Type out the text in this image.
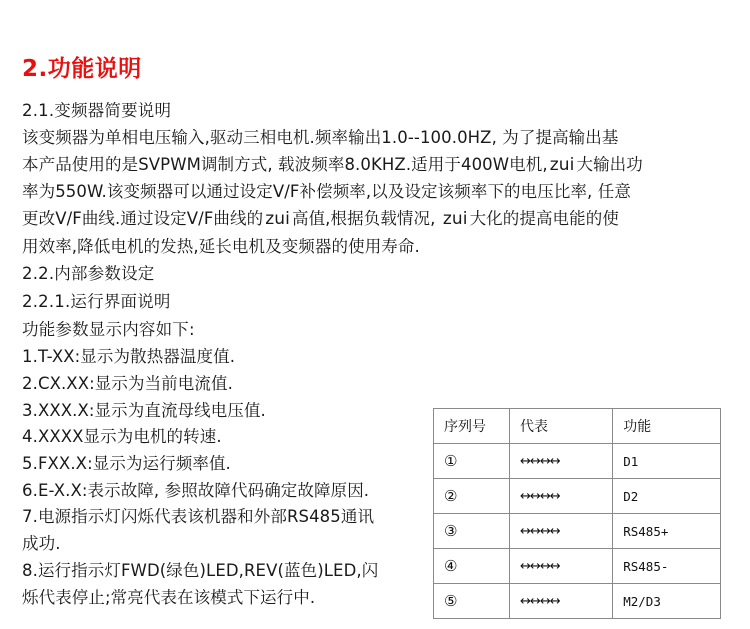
2.功能说明

2.1.变频器简要说明

该变频器为单相电压输入,驱动三相电机.频率输出1.0--100.0HZ, 为了提高输出基

本产品使用的是SVPWM调制方式, 载波频率8.0KHZ.适用于400W电机, zui 大输出功

率为550W.该变频器可以通过设定V/F补偿频率,以及设定该频率下的电压比率, 任意

更改V/F曲线.通过设定V/F曲线的 zui 高值,根据负载情况, zui 大化的提高电能的使

用效率,降低电机的发热,延长电机及变频器的使用寿命.

2.2.内部参数设定

2.2.1.运行界面说明

功能参数显示内容如下:

1.T-XX:显示为散热器温度值.

2.CX.XX:显示为当前电流值.

3.XXX.X:显示为直流母线电压值.

4.XXXX显示为电机的转速.

5.FXX.X:显示为运行频率值.

6.E-X.X:表示故障, 参照故障代码确定故障原因.

7.电源指示灯闪烁代表该机器和外部RS485通讯

成功.

8.运行指示灯FWD(绿色)LED,REV(蓝色)LED,闪

烁代表停止;常亮代表在该模式下运行中.

序列号	代表	功能
①	↔↔↔↔	D1
②	↔↔↔↔	D2
③	↔↔↔↔	RS485+
④	↔↔↔↔	RS485-
⑤	↔↔↔↔	M2/D3
